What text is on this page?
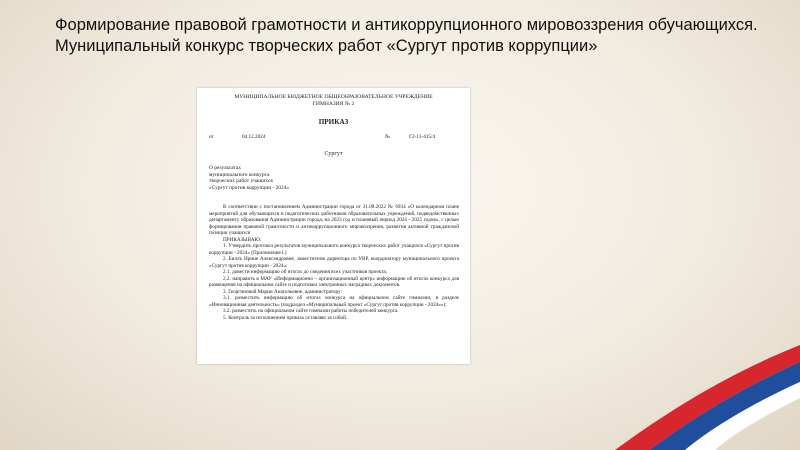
Формирование правовой грамотности и антикоррупционного мировоззрения обучающихся.
Муниципальный конкурс творческих работ «Сургут против коррупции»
МУНИЦИПАЛЬНОЕ БЮДЖЕТНОЕ ОБЩЕОБРАЗОВАТЕЛЬНОЕ УЧРЕЖДЕНИЕ
ГИМНАЗИЯ № 2
ПРИКАЗ
от	04.12.2024	№	Г2-13-415/4
Сургут
О результатах
муниципального конкурса
творческих работ учащихся
«Сургут против коррупции - 2024»

В соответствии с постановлением Администрации города от 31.08.2022 № 6934 «О календарном плане мероприятий для обучающихся и педагогических работников образовательных учреждений, подведомственных департаменту образования Администрации города, на 2023 год и плановый период 2024 - 2025 годов», с целью формирования правовой грамотности и антикоррупционного мировоззрения, развития активной гражданской позиции учащихся

ПРИКАЗЫВАЮ:

1. Утвердить протокол результатов муниципального конкурса творческих работ учащихся «Сургут против коррупции - 2024» (Приложение1.)

2. Биллъ Ирине Александровне, заместителю директора по УВР, координатору муниципального проекта «Сургут против коррупции - 2024»:

2.1. довести информацию об итогах до сведения всех участников проекта;

2.2. направить в МАУ «Информационно – организационный центр» информацию об итогах конкурса для размещения на официальном сайте и подготовки электронных наградных документов.

3. Георгиновой Марии Анатольевне, администратору:

3.1. разместить информацию об итогах конкурса на официальном сайте гимназии, в разделе «Инновационная деятельность» (подраздел «Муниципальный проект «Сургут против коррупции - 2024»»);

3.2. разместить на официальном сайте гимназии работы победителей конкурса.

5. Контроль за исполнением приказа оставляю за собой.
